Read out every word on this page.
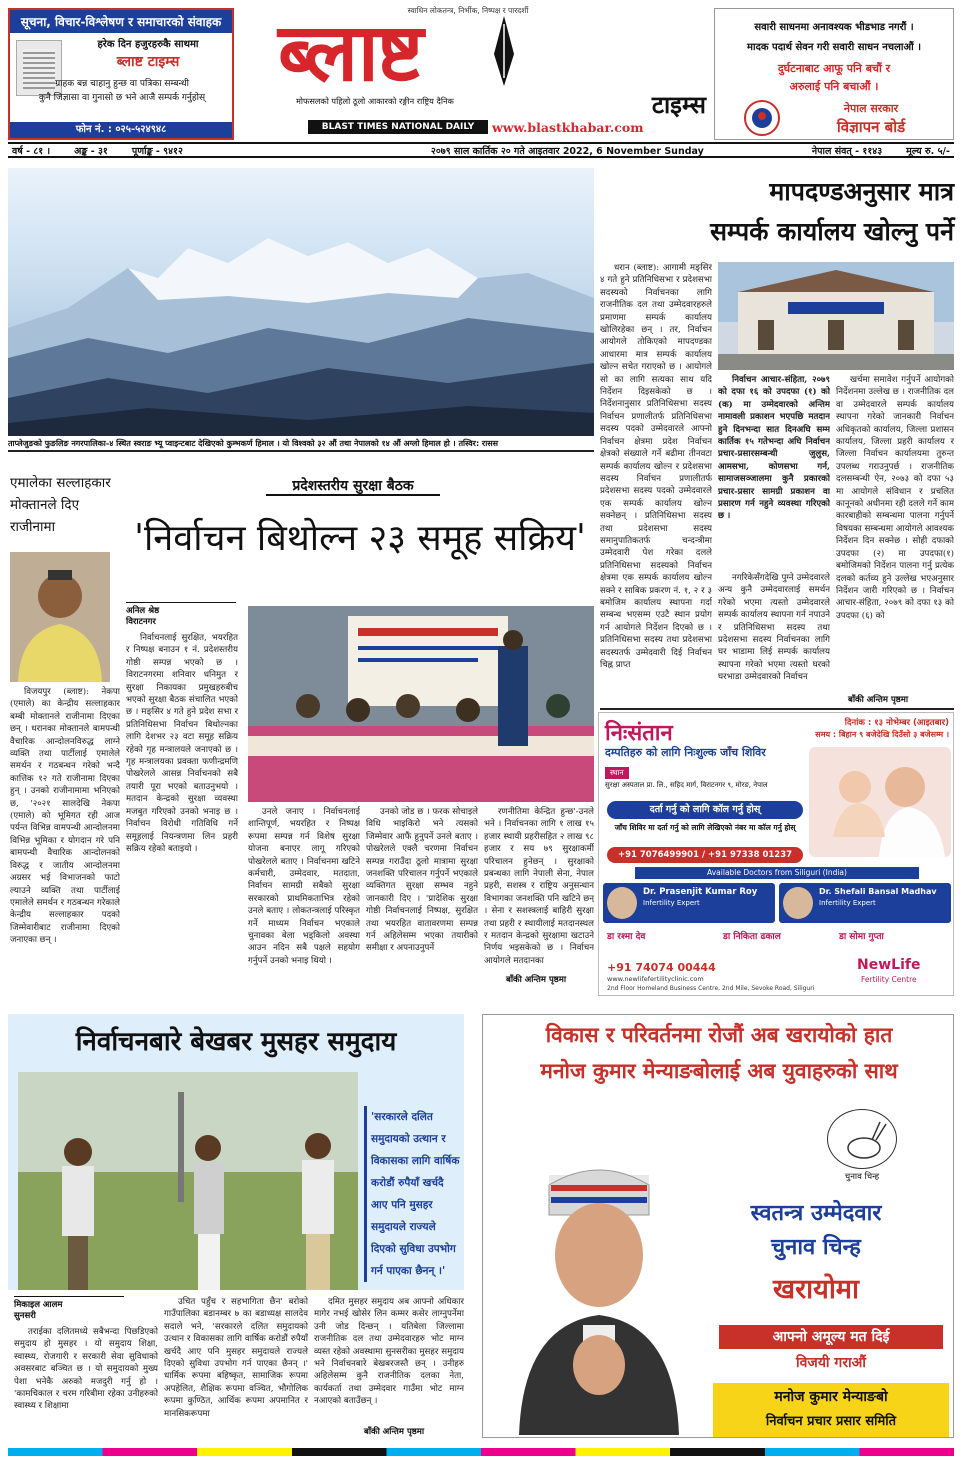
सूचना, विचार-विश्लेषण र समाचारको संवाहक
हरेक दिन हजुरहरुकै साथमा
ब्लाष्ट टाइम्स
ग्राहक बन्न चाहानु हुन्छ वा पत्रिका सम्बन्धी
कुनै जिज्ञासा वा गुनासो छ भने आजै सम्पर्क गर्नुहोस्
फोन नं. : ०२५-५२४९४८
स्वाधिन लोकतन्त्र, निर्भीक, निष्पक्ष र पारदर्शी
ब्लाष्ट
टाइम्स
मोफसलको पहिलो ठूलो आकारको रङ्गीन राष्ट्रिय दैनिक
BLAST TIMES NATIONAL DAILY	www.blastkhabar.com
सवारी साधनमा अनावश्यक भीडभाड नगरौं ।
मादक पदार्थ सेवन गरी सवारी साधन नचलाऔं ।
दुर्घटनाबाट आफू पनि बचौं र
अरुलाई पनि बचाऔं ।
नेपाल सरकार
विज्ञापन बोर्ड
वर्ष - ८१ ।	अङ्क - ३१	पूर्णाङ्क - ९४१२	२०७९ साल कार्तिक २० गते आइतवार 2022, 6 November Sunday	नेपाल संवत् - ११४३	मूल्य रु. ५/-
ताप्लेजुङको फुङलिङ नगरपालिका-४ स्थित स्वराङ भ्यू प्वाइन्टबाट देखिएको कुम्भकर्ण हिमाल । यो विश्वको ३२ औं तथा नेपालको १४ औं अग्लो हिमाल हो । तस्विर: रासस
मापदण्डअनुसार मात्र
सम्पर्क कार्यालय खोल्नु पर्ने

धरान (ब्लाष्ट): आगामी मङ्सिर ४ गते हुने प्रतिनिधिसभा र प्रदेशसभा सदस्यको निर्वाचनका लागि राजनीतिक दल तथा उम्मेदवारहरुले प्रमाणमा सम्पर्क कार्यालय खोलिरहेका छन् । तर, निर्वाचन आयोगले तोकिएको मापदण्डका आधारमा मात्र सम्पर्क कार्यालय खोल्न सचेत गराएको छ । आयोगले सो का लागि सत्यका साथ यदि निर्देशन दिइसकेको छ । निर्देशनानुसार प्रतिनिधिसभा सदस्य निर्वाचन प्रणालीतर्फ प्रतिनिधिसभा सदस्य पदको उम्मेदवारले आफ्नो निर्वाचन क्षेत्रमा प्रदेश निर्वाचन क्षेत्रको संख्याले गर्ने बढीमा तीनवटा सम्पर्क कार्यालय खोल्न र प्रदेशसभा सदस्य निर्वाचन प्रणालीतर्फ प्रदेशसभा सदस्य पदको उम्मेदवारले एक सम्पर्क कार्यालय खोल्न सक्नेछन् । प्रतिनिधिसभा सदस्य तथा प्रदेशसभा सदस्य समानुपातिकतर्फ चन्दन्त्रीमा उम्मेदवारी पेश गरेका दलले प्रतिनिधिसभा सदस्यको निर्वाचन क्षेत्रमा एक सम्पर्क कार्यालय खोल्न सक्ने र साबिक प्रकरण नं. १, २ र ३ बमोजिम कार्यालय स्थापना गर्दा सम्बन्ध भएसम्म एउटै स्थान प्रयोग गर्न आयोगले निर्देशन दिएको छ । प्रतिनिधिसभा सदस्य तथा प्रदेशसभा सदस्यतर्फ उम्मेदवारी दिई निर्वाचन चिह्न प्राप्त

निर्वाचन आचार-संहिता, २०७९ को दफा १६ को उपदफा (१) को (क) मा उम्मेदवारको अन्तिम नामावली प्रकाशन भएपछि मतदान हुने दिनभन्दा सात दिनअघि सम्म कार्तिक १५ गतेभन्दा अघि निर्वाचन प्रचार-प्रसारसम्बन्धी जुलुस, आमसभा, कोणसभा गर्न, सामाजसञ्जालमा कुनै प्रकारको प्रचार-प्रसार सामग्री प्रकाशन वा प्रसारण गर्न नहुने व्यवस्था गरिएको छ ।

नगरिकेसँगदेखि पुग्ने उम्मेदवारले अन्य कुनै उम्मेदवारलाई समर्थन गरेको भएमा त्यस्तो उम्मेदवारले सम्पर्क कार्यालय स्थापना गर्न नपाउने र प्रतिनिधिसभा सदस्य तथा प्रदेशसभा सदस्य निर्वाचनका लागि घर भाडामा लिई सम्पर्क कार्यालय स्थापना गरेको भएमा त्यस्तो घरको घरभाडा उम्मेदवारको निर्वाचन

खर्चमा समावेश गर्नुपर्ने आयोगको निर्देशनमा उल्लेख छ । राजनीतिक दल वा उम्मेदवारले सम्पर्क कार्यालय स्थापना गरेको जानकारी निर्वाचन अधिकृतको कार्यालय, जिल्ला प्रशासन कार्यालय, जिल्ला प्रहरी कार्यालय र जिल्ला निर्वाचन कार्यालयमा तुरुन्त उपलब्ध गराउनुपर्छ । राजनीतिक दलसम्बन्धी ऐन, २०७३ को दफा ५३ मा आयोगले संविधान र प्रचलित कानूनको अधीनमा रही दलले गर्ने काम कारबाहीको सम्बन्धमा पालना गर्नुपर्ने विषयका सम्बन्धमा आयोगले आवश्यक निर्देशन दिन सक्नेछ । सोही दफाको उपदफा (२) मा उपदफा(१) बमोजिमको निर्देशन पालना गर्नु प्रत्येक दलको कर्तव्य हुने उल्लेख भएअनुसार निर्देशन जारी गरिएको छ । निर्वाचन आचार-संहिता, २०७९ को दफा १३ को उपदफा (६) को

बाँकी अन्तिम पृष्ठमा
एमालेका सल्लाहकार मोक्तानले दिए राजीनामा

विजयपुर (ब्लाष्ट): नेकपा (एमाले) का केन्द्रीय सल्लाहकार बम्बी मोक्तानले राजीनामा दिएका छन् । धरानका मोक्तानले बामपन्थी वैचारिक आन्दोलनविरुद्ध लाग्ने व्यक्ति तथा पार्टीलाई एमालेले समर्थन र गठबन्धन गरेको भन्दै कात्तिक १२ गते राजीनामा दिएका हुन् । उनको राजीनामामा भनिएको छ, '२०२१ सालदेखि नेकपा (एमाले) को भूमिगत रही आज पर्यन्त विभिन्न वामपन्थी आन्दोलनमा विभिन्न भूमिका र योगदान गरे पनि बामपन्थी वैचारिक आन्दोलनको विरुद्ध र जातीय आन्दोलनमा अग्रसर भई विभाजनको फाटो ल्याउने व्यक्ति तथा पार्टीलाई एमालेले समर्थन र गठबन्धन गरेकाले केन्द्रीय सल्लाहकार पदको जिम्मेवारीबाट राजीनामा दिएको जनाएका छन् ।

प्रदेशस्तरीय सुरक्षा बैठक
'निर्वाचन बिथोल्न २३ समूह सक्रिय'
अनिल श्रेष्ठ
विराटनगर

निर्वाचनलाई सुरक्षित, भयरहित र निष्पक्ष बनाउन १ नं. प्रदेशस्तरीय गोष्ठी सम्पन्न भएको छ । विराटनगरमा शनिवार धनिमुत र सुरक्षा निकायका प्रमुखहरुबीच भएको सुरक्षा बैठक संचालित भएको छ । मङ्सिर ४ गते हुने प्रदेश सभा र प्रतिनिधिसभा निर्वाचन बिथोल्नका लागि देशभर २३ वटा समूह सक्रिय रहेको गृह मन्त्रालयले जनाएको छ । गृह मन्त्रालयका प्रवक्ता फणीन्द्रमणि पोखरेलले आसन्न निर्वाचनको सबै तयारी पूरा भएको बताउनुभयो । मतदान केन्द्रको सुरक्षा व्यवस्था मजबुत गरिएको उनको भनाइ छ । निर्वाचन विरोधी गतिविधि गर्ने समूहलाई नियन्त्रणमा लिन प्रहरी सक्रिय रहेको बताइयो ।

उनले जनाए । निर्वाचनलाई शान्तिपूर्ण, भयरहित र निष्पक्ष रूपमा सम्पन्न गर्न विशेष सुरक्षा योजना बनाएर लागू गरिएको पोखरेलले बताए । निर्वाचनमा खटिने कर्मचारी, उम्मेदवार, मतदाता, निर्वाचन सामग्री सबैको सुरक्षा सरकारको प्राथमिकताभित्र रहेको उनले बताए । लोकतन्त्रलाई परिस्कृत गर्ने माध्यम निर्वाचन भएकाले चुनावका बेला भड्किलो अवस्था आउन नदिन सबै पक्षले सहयोग गर्नुपर्ने उनको भनाइ थियो ।

उनको जोड छ । फरक सोचाइले विधि भाइकिरो भने त्यसको जिम्मेवार आफैं हुनुपर्ने उनले बताए । पोखरेलले एक्लै चरणमा निर्वाचन सम्पन्न गराउँदा ठूलो मात्रामा सुरक्षा जनशक्ति परिचालन गर्नुपर्ने भएकाले व्यक्तिगत सुरक्षा सम्भव नहुने जानकारी दिए । 'प्रादेशिक सुरक्षा गोष्ठी निर्वाचनलाई निष्पक्ष, सुरक्षित तथा भयरहित वातावरणमा सम्पन्न गर्न अहिलेसम्म भएका तयारीको समीक्षा र अपनाउनुपर्ने

रणनीतिमा केन्द्रित हुन्छ'-उनले भने । निर्वाचनका लागि १ लाख १५ हजार स्थायी प्रहरीसहित २ लाख ९८ हजार र सय ७९ सुरक्षाकर्मी परिचालन हुनेछन् । सुरक्षाको प्रबन्धका लागि नेपाली सेना, नेपाल प्रहरी, सशस्त्र र राष्ट्रिय अनुसन्धान विभागका जनशक्ति पनि खटिने छन् । सेना र सशस्त्रलाई बाहिरी सुरक्षा तथा प्रहरी र स्थायीलाई मतदानस्थल र मतदान केन्द्रको सुरक्षामा खटाउने निर्णय भइसकेको छ । निर्वाचन आयोगले मतदानका

बाँकी अन्तिम पृष्ठमा
निःसंतान	दिनांक : १३ नोभेम्बर (आइतबार)
समय : बिहान ९ बजेदेखि दिउँसो ३ बजेसम्म ।
दम्पतिहरु को लागि निःशुल्क जाँच शिविर
स्थान
सुरक्षा अस्पताल प्रा. लि., सहिद मार्ग, विराटनगर ९, मोरङ, नेपाल
दर्ता गर्नु को लागि कॉल गर्नु होस्
जाँच शिविर मा दर्ता गर्नु को लागि लेखिएको नंबर मा कॉल गर्नु होस्
+91 7076499901 / +91 97338 01237
Available Doctors from Siliguri (India)
Dr. Prasenjit Kumar Roy
Infertility Expert
Dr. Shefali Bansal Madhav
Infertility Expert
डा रश्मा देव	डा निकिता ढकाल	डा सोमा गुप्ता
+91 74074 00444
www.newlifefertilityclinic.com
2nd Floor Homeland Business Centre, 2nd Mile, Sevoke Road, Siliguri
NewLife
Fertility Centre
निर्वाचनबारे बेखबर मुसहर समुदाय
'सरकारले दलित समुदायको उत्थान र विकासका लागि वार्षिक करोडौं रुपैयाँ खर्चदै आए पनि मुसहर समुदायले राज्यले दिएको सुविधा उपभोग गर्न पाएका छैनन् ।'
मिकाइल आलम
सुनसरी

तराईका दलितमध्ये सबैभन्दा पिछडिएको समुदाय हो मुसहर । यो समुदाय शिक्षा, स्वास्थ्य, रोजगारी र सरकारी सेवा सुविधाको अवसरबाट बञ्चित छ । यो समुदायको मुख्य पेशा भनेकै अरुको मजदुरी गर्नु हो । 'कामचिकाल र चरम गरिबीमा रहेका उनीहरुको स्वास्थ्य र शिक्षामा

उचित पहुँच र सहभागिता छैन' बरोको गाउँपालिका बडानम्बर ७ का बडाध्यक्ष सालदेव सदाले भने, 'सरकारले दलित समुदायको उत्थान र विकासका लागि वार्षिक करोडौं रुपैयाँ खर्चदै आए पनि मुसहर समुदायले राज्यले दिएको सुविधा उपभोग गर्न पाएका छैनन् ।' धार्मिक रूपमा बहिष्कृत, सामाजिक रूपमा अपहेलित, शैक्षिक रूपमा वञ्चित, भौगोलिक रूपमा कुण्ठित, आर्थिक रूपमा अपमानित र मानसिकरूपमा

दमित मुसहर समुदाय अब आफ्नो अधिकार मागेर नभई खोसेर लिन कम्मर कसेर लाग्नुपर्नेमा उनी जोड दिन्छन् । यतिबेला जिल्लामा राजनीतिक दल तथा उम्मेदवारहरु भोट माग्न व्यस्त रहेको अवस्थामा सुनसरीका मुसहर समुदाय भने निर्वाचनबारे बेखबरजस्तै छन् । उनीहरु अहिलेसम्म कुनै राजनीतिक दलका नेता, कार्यकर्ता तथा उम्मेदवार गाउँमा भोट माग्न नआएको बताउँछन् ।

बाँकी अन्तिम पृष्ठमा
विकास र परिवर्तनमा रोजौं अब खरायोको हात
मनोज कुमार मेन्याङबोलाई अब युवाहरुको साथ
चुनाव चिन्ह
स्वतन्त्र उम्मेदवार
चुनाव चिन्ह
खरायोमा
आफ्नो अमूल्य मत दिई
विजयी गराऔं
मनोज कुमार मेन्याङबो
निर्वाचन प्रचार प्रसार समिति
